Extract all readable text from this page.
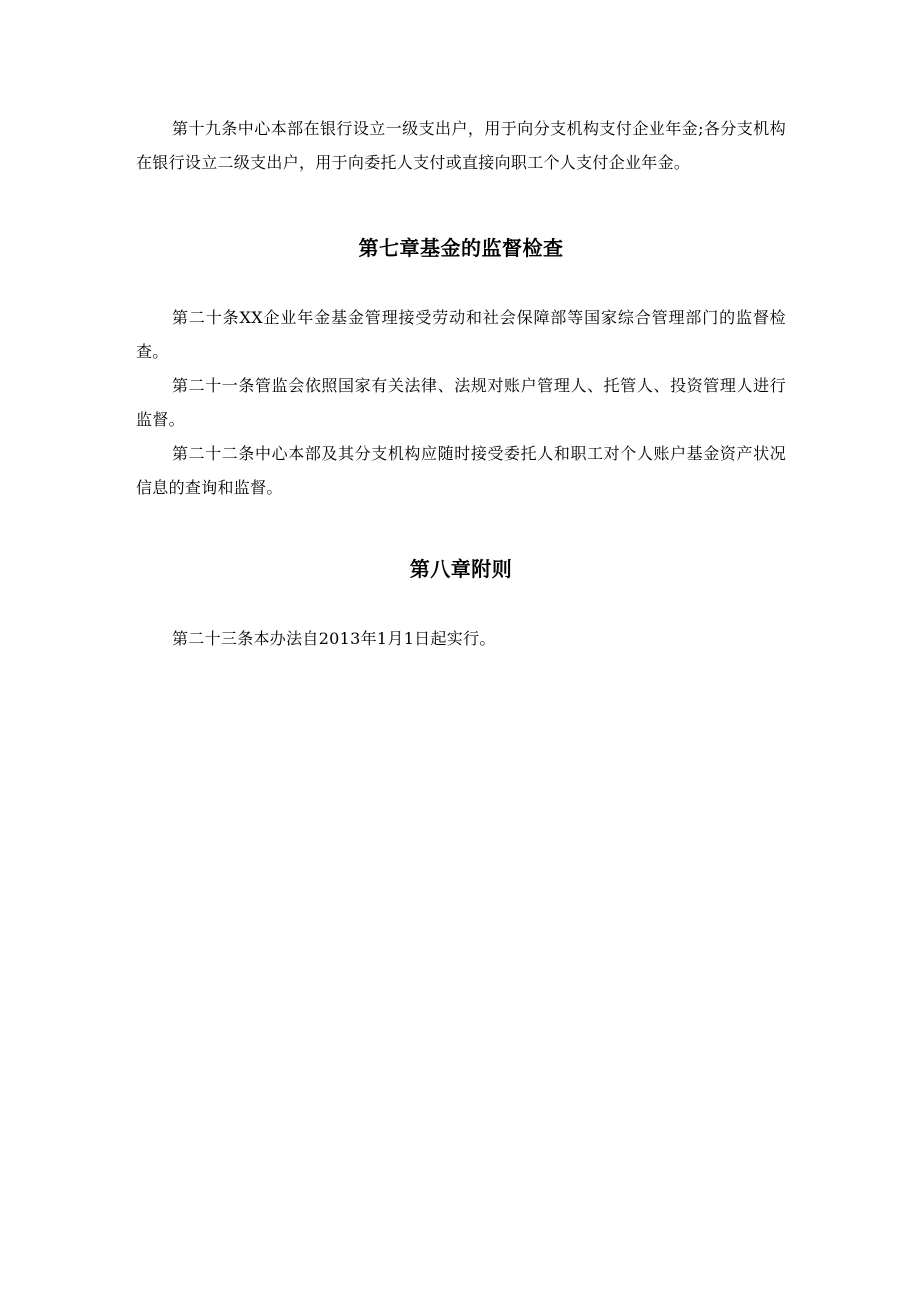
第十九条中心本部在银行设立一级支出户，用于向分支机构支付企业年金;各分支机构在银行设立二级支出户，用于向委托人支付或直接向职工个人支付企业年金。

第七章基金的监督检查

第二十条XX企业年金基金管理接受劳动和社会保障部等国家综合管理部门的监督检查。

第二十一条管监会依照国家有关法律、法规对账户管理人、托管人、投资管理人进行监督。

第二十二条中心本部及其分支机构应随时接受委托人和职工对个人账户基金资产状况信息的查询和监督。

第八章附则

第二十三条本办法自2013年1月1日起实行。
